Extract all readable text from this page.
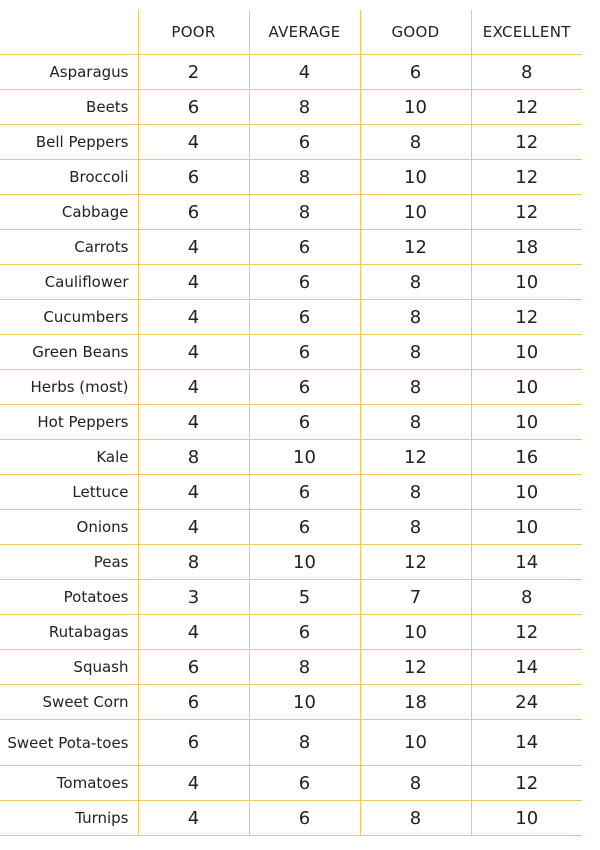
	POOR	AVERAGE	GOOD	EXCELLENT
Asparagus	2	4	6	8
Beets	6	8	10	12
Bell Peppers	4	6	8	12
Broccoli	6	8	10	12
Cabbage	6	8	10	12
Carrots	4	6	12	18
Cauliflower	4	6	8	10
Cucumbers	4	6	8	12
Green Beans	4	6	8	10
Herbs (most)	4	6	8	10
Hot Peppers	4	6	8	10
Kale	8	10	12	16
Lettuce	4	6	8	10
Onions	4	6	8	10
Peas	8	10	12	14
Potatoes	3	5	7	8
Rutabagas	4	6	10	12
Squash	6	8	12	14
Sweet Corn	6	10	18	24
Sweet Pota-toes	6	8	10	14
Tomatoes	4	6	8	12
Turnips	4	6	8	10
